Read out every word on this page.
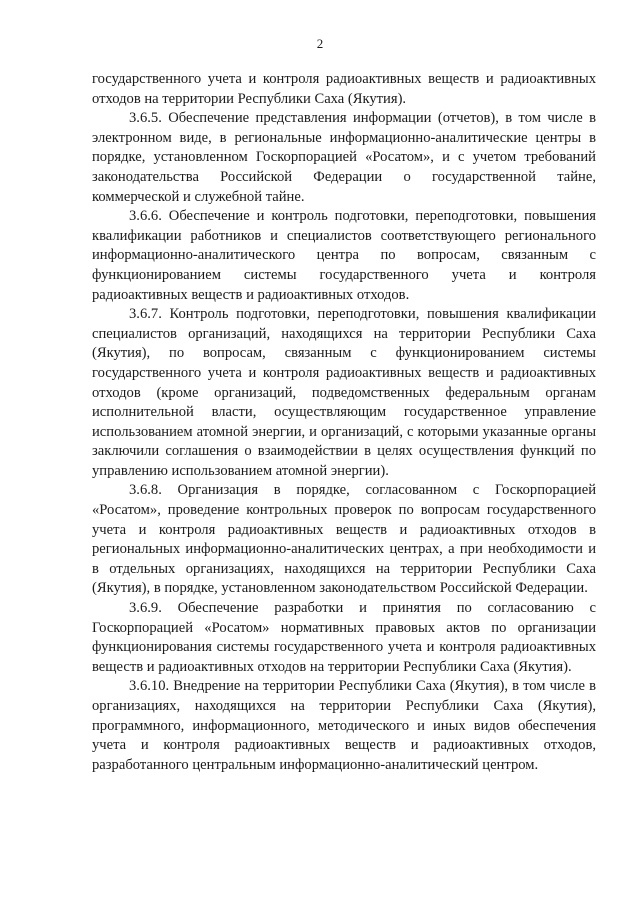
2

государственного учета и контроля радиоактивных веществ и радиоактивных отходов на территории Республики Саха (Якутия).

3.6.5. Обеспечение представления информации (отчетов), в том числе в электронном виде, в региональные информационно-аналитические центры в порядке, установленном Госкорпорацией «Росатом», и с учетом требований законодательства Российской Федерации о государственной тайне, коммерческой и служебной тайне.

3.6.6. Обеспечение и контроль подготовки, переподготовки, повышения квалификации работников и специалистов соответствующего регионального информационно-аналитического центра по вопросам, связанным с функционированием системы государственного учета и контроля радиоактивных веществ и радиоактивных отходов.

3.6.7. Контроль подготовки, переподготовки, повышения квалификации специалистов организаций, находящихся на территории Республики Саха (Якутия), по вопросам, связанным с функционированием системы государственного учета и контроля радиоактивных веществ и радиоактивных отходов (кроме организаций, подведомственных федеральным органам исполнительной власти, осуществляющим государственное управление использованием атомной энергии, и организаций, с которыми указанные органы заключили соглашения о взаимодействии в целях осуществления функций по управлению использованием атомной энергии).

3.6.8. Организация в порядке, согласованном с Госкорпорацией «Росатом», проведение контрольных проверок по вопросам государственного учета и контроля радиоактивных веществ и радиоактивных отходов в региональных информационно-аналитических центрах, а при необходимости и в отдельных организациях, находящихся на территории Республики Саха (Якутия), в порядке, установленном законодательством Российской Федерации.

3.6.9. Обеспечение разработки и принятия по согласованию с Госкорпорацией «Росатом» нормативных правовых актов по организации функционирования системы государственного учета и контроля радиоактивных веществ и радиоактивных отходов на территории Республики Саха (Якутия).

3.6.10. Внедрение на территории Республики Саха (Якутия), в том числе в организациях, находящихся на территории Республики Саха (Якутия), программного, информационного, методического и иных видов обеспечения учета и контроля радиоактивных веществ и радиоактивных отходов, разработанного центральным информационно-аналитический центром.
